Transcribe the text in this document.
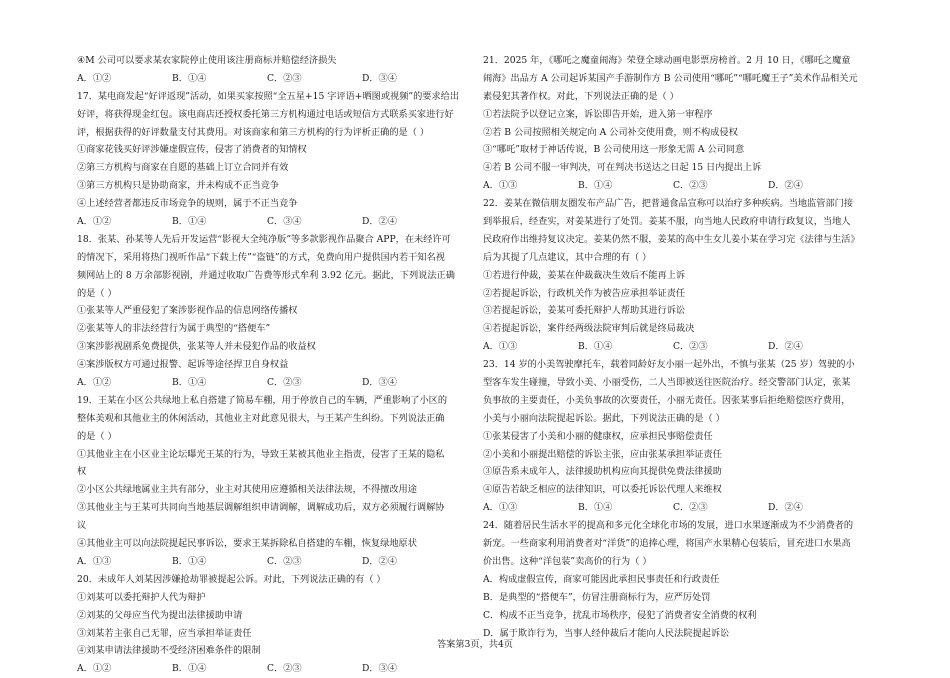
④M 公司可以要求某农家院停止使用该注册商标并赔偿经济损失
A．①②	B．①④	C．②③	D．③④
17．某电商发起“好评返现”活动，如果买家按照“全五星+15 字评语+晒图或视频”的要求给出
好评，将获得现金红包。该电商店还授权委托第三方机构通过电话或短信方式联系买家进行好
评，根据获得的好评数量支付其费用。对该商家和第三方机构的行为评析正确的是（ ）
①商家花钱买好评涉嫌虚假宣传，侵害了消费者的知情权
②第三方机构与商家在自愿的基础上订立合同并有效
③第三方机构只是协助商家，并未构成不正当竞争
④上述经营者都违反市场竞争的规则，属于不正当竞争
A．①②	B．①④	C．③④	D．②④
18．张某、孙某等人先后开发运营“影视大全纯净版”等多款影视作品聚合 APP，在未经许可
的情况下，采用将热门视听作品“下载上传”“盗链”的方式，免费向用户提供国内若干知名视
频网站上的 8 万余部影视剧，并通过收取广告费等形式牟利 3.92 亿元。据此，下列说法正确
的是（ ）
①张某等人严重侵犯了案涉影视作品的信息网络传播权
②张某等人的非法经营行为属于典型的“搭便车”
③案涉影视剧系免费提供，张某等人并未侵犯作品的收益权
④案涉版权方可通过报警、起诉等途径捍卫自身权益
A．①②	B．①④	C．②③	D．③④
19．王某在小区公共绿地上私自搭建了简易车棚，用于停放自己的车辆，严重影响了小区的
整体美观和其他业主的休闲活动，其他业主对此意见很大，与王某产生纠纷。下列说法正确
的是（ ）
①其他业主在小区业主论坛曝光王某的行为，导致王某被其他业主指责，侵害了王某的隐私
权
②小区公共绿地属业主共有部分，业主对其使用应遵循相关法律法规，不得擅改用途
③其他业主与王某可共同向当地基层调解组织申请调解，调解成功后，双方必须履行调解协
议
④其他业主可以向法院提起民事诉讼，要求王某拆除私自搭建的车棚，恢复绿地原状
A．①③	B．①④	C．②③	D．②④
20．未成年人刘某因涉嫌抢劫罪被提起公诉。对此，下列说法正确的有（ ）
①刘某可以委托辩护人代为辩护
②刘某的父母应当代为提出法律援助申请
③刘某若主张自己无罪，应当承担举证责任
④刘某申请法律援助不受经济困难条件的限制
A．①②	B．①④	C．②③	D．③④
21．2025 年，《哪吒之魔童闹海》荣登全球动画电影票房榜首。2 月 10 日，《哪吒之魔童
闹海》出品方 A 公司起诉某国产手游制作方 B 公司使用“哪吒”“哪吒魔王子”美术作品相关元
素侵犯其著作权。对此，下列说法正确的是（ ）
①若法院予以登记立案，诉讼即告开始，进入第一审程序
②若 B 公司按照相关规定向 A 公司补交使用费，则不构成侵权
③“哪吒”取材于神话传说，B 公司使用这一形象无需 A 公司同意
④若 B 公司不服一审判决，可在判决书送达之日起 15 日内提出上诉
A．①③	B．①④	C．②③	D．②④
22．姜某在微信朋友圈发布产品广告，把普通食品宣称可以治疗多种疾病。当地监管部门接
到举报后，经查实，对姜某进行了处罚。姜某不服，向当地人民政府申请行政复议，当地人
民政府作出维持复议决定。姜某仍然不服，姜某的高中生女儿姜小某在学习完《法律与生活》
后为其提了几点建议，其中合理的有（ ）
①若进行仲裁，姜某在仲裁裁决生效后不能再上诉
②若提起诉讼，行政机关作为被告应承担举证责任
③若提起诉讼，姜某可委托辩护人帮助其进行诉讼
④若提起诉讼，案件经两级法院审判后就是终局裁决
A．①③	B．①④	C．②③	D．②④
23．14 岁的小美驾驶摩托车，载着同龄好友小丽一起外出，不慎与张某（25 岁）驾驶的小
型客车发生碰撞，导致小美、小丽受伤，二人当即被送往医院治疗。经交警部门认定，张某
负事故的主要责任，小美负事故的次要责任，小丽无责任。因张某事后拒绝赔偿医疗费用，
小美与小丽向法院提起诉讼。据此，下列说法正确的是（ ）
①张某侵害了小美和小丽的健康权，应承担民事赔偿责任
②小美和小丽提出赔偿的诉讼主张，应由张某承担举证责任
③原告系未成年人，法律援助机构应向其提供免费法律援助
④原告若缺乏相应的法律知识，可以委托诉讼代理人来维权
A．①③	B．①④	C．②③	D．②④
24．随着居民生活水平的提高和多元化全球化市场的发展，进口水果逐渐成为不少消费者的
新宠。一些商家利用消费者对“洋货”的追捧心理，将国产水果精心包装后，冒充进口水果高
价出售。这种“洋包装”卖高价的行为（ ）
A．构成虚假宣传，商家可能因此承担民事责任和行政责任
B．是典型的“搭便车”，仿冒注册商标行为，应严厉处罚
C．构成不正当竞争，扰乱市场秩序，侵犯了消费者安全消费的权利
D．属于欺诈行为，当事人经仲裁后才能向人民法院提起诉讼
答案第3页，共4页
